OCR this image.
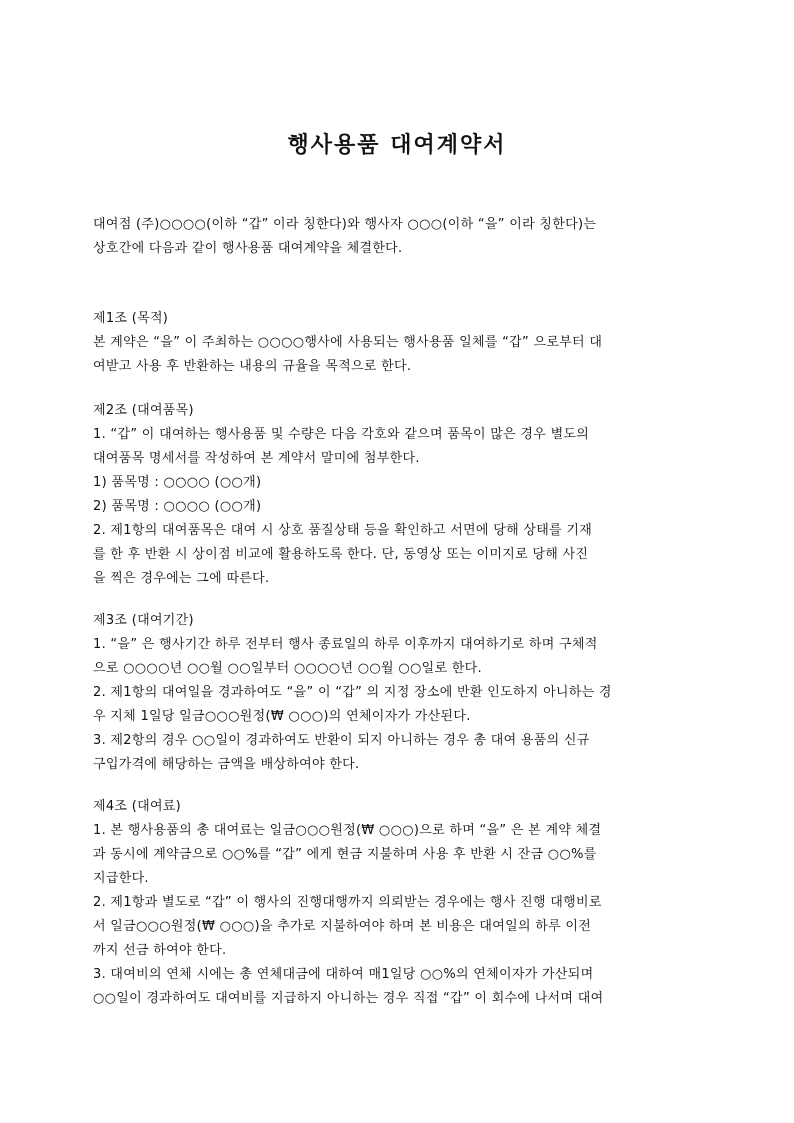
행사용품 대여계약서
대여점 (주)○○○○(이하 “갑” 이라 칭한다)와 행사자 ○○○(이하 “을” 이라 칭한다)는
상호간에 다음과 같이 행사용품 대여계약을 체결한다.
제1조 (목적)
본 계약은 “을” 이 주최하는 ○○○○행사에 사용되는 행사용품 일체를 “갑” 으로부터 대
여받고 사용 후 반환하는 내용의 규율을 목적으로 한다.
제2조 (대여품목)
1. “갑” 이 대여하는 행사용품 및 수량은 다음 각호와 같으며 품목이 많은 경우 별도의
대여품목 명세서를 작성하여 본 계약서 말미에 첨부한다.
1) 품목명 : ○○○○ (○○개)
2) 품목명 : ○○○○ (○○개)
2. 제1항의 대여품목은 대여 시 상호 품질상태 등을 확인하고 서면에 당해 상태를 기재
를 한 후 반환 시 상이점 비교에 활용하도록 한다. 단, 동영상 또는 이미지로 당해 사진
을 찍은 경우에는 그에 따른다.
제3조 (대여기간)
1. “을” 은 행사기간 하루 전부터 행사 종료일의 하루 이후까지 대여하기로 하며 구체적
으로 ○○○○년 ○○월 ○○일부터 ○○○○년 ○○월 ○○일로 한다.
2. 제1항의 대여일을 경과하여도 “을” 이 “갑” 의 지정 장소에 반환 인도하지 아니하는 경
우 지체 1일당 일금○○○원정(₩ ○○○)의 연체이자가 가산된다.
3. 제2항의 경우 ○○일이 경과하여도 반환이 되지 아니하는 경우 총 대여 용품의 신규
구입가격에 해당하는 금액을 배상하여야 한다.
제4조 (대여료)
1. 본 행사용품의 총 대여료는 일금○○○원정(₩ ○○○)으로 하며 “을” 은 본 계약 체결
과 동시에 계약금으로 ○○%를 “갑” 에게 현금 지불하며 사용 후 반환 시 잔금 ○○%를
지급한다.
2. 제1항과 별도로 “갑” 이 행사의 진행대행까지 의뢰받는 경우에는 행사 진행 대행비로
서 일금○○○원정(₩ ○○○)을 추가로 지불하여야 하며 본 비용은 대여일의 하루 이전
까지 선금 하여야 한다.
3. 대여비의 연체 시에는 총 연체대금에 대하여 매1일당 ○○%의 연체이자가 가산되며
○○일이 경과하여도 대여비를 지급하지 아니하는 경우 직접 “갑” 이 회수에 나서며 대여
